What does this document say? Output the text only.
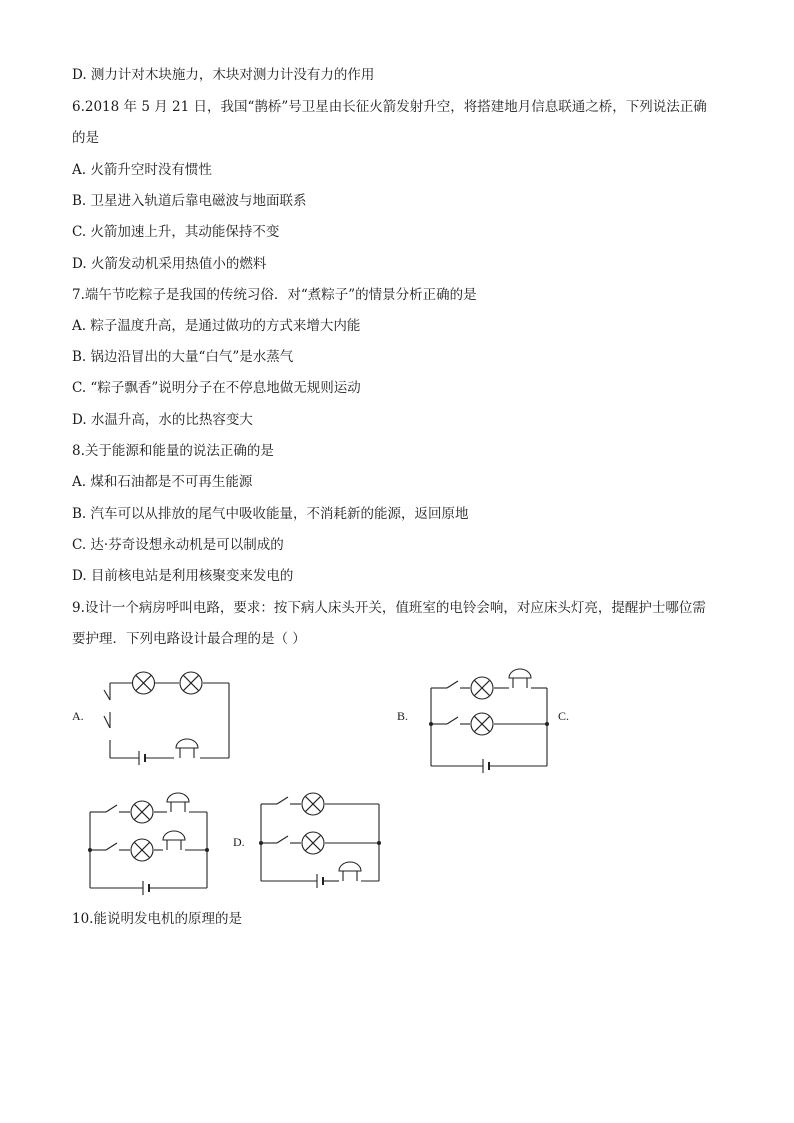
D. 测力计对木块施力，木块对测力计没有力的作用
6.2018 年 5 月 21 日，我国“鹊桥”号卫星由长征火箭发射升空，将搭建地月信息联通之桥，下列说法正确
的是
A. 火箭升空时没有惯性
B. 卫星进入轨道后靠电磁波与地面联系
C. 火箭加速上升，其动能保持不变
D. 火箭发动机采用热值小的燃料
7.端午节吃粽子是我国的传统习俗．对“煮粽子”的情景分析正确的是
A. 粽子温度升高，是通过做功的方式来增大内能
B. 锅边沿冒出的大量“白气”是水蒸气
C. “粽子飘香”说明分子在不停息地做无规则运动
D. 水温升高，水的比热容变大
8.关于能源和能量的说法正确的是
A. 煤和石油都是不可再生能源
B. 汽车可以从排放的尾气中吸收能量，不消耗新的能源，返回原地
C. 达·芬奇设想永动机是可以制成的
D. 目前核电站是利用核聚变来发电的
9.设计一个病房呼叫电路，要求：按下病人床头开关，值班室的电铃会响，对应床头灯亮，提醒护士哪位需
要护理．下列电路设计最合理的是（ ）
A.	B.	C.
D.
10.能说明发电机的原理的是
